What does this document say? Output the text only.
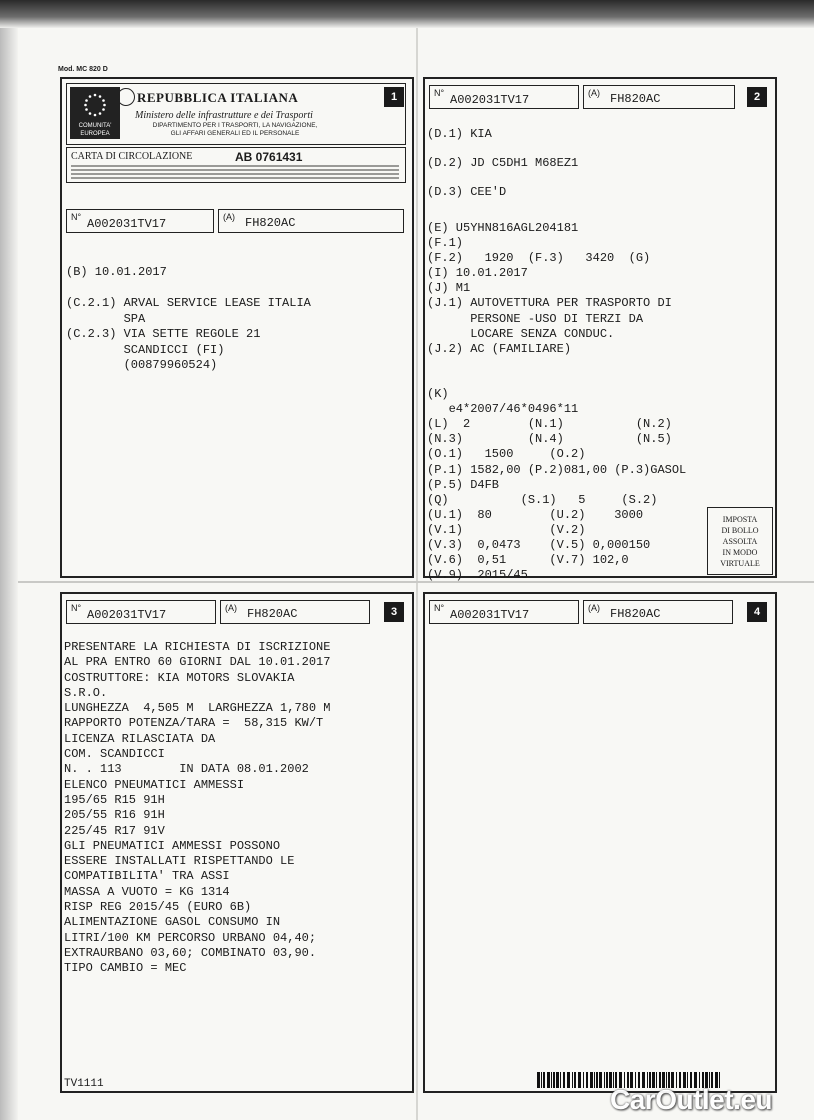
Mod. MC 820 D
COMUNITA'
EUROPEA
REPUBBLICA ITALIANA
Ministero delle infrastrutture e dei Trasporti
DIPARTIMENTO PER I TRASPORTI, LA NAVIGAZIONE,
GLI AFFARI GENERALI ED IL PERSONALE
CARTA DI CIRCOLAZIONE	AB 0761431
1
N° A002031TV17	(A) FH820AC
(B) 10.01.2017
(C.2.1) ARVAL SERVICE LEASE ITALIA
SPA
(C.2.3) VIA SETTE REGOLE 21
SCANDICCI (FI)
(00879960524)
N° A002031TV17	(A) FH820AC	2
(D.1) KIA
(D.2) JD C5DH1 M68EZ1
(D.3) CEE'D
(E) U5YHN816AGL204181
(F.1)
(F.2)   1920  (F.3)   3420  (G)
(I) 10.01.2017
(J) M1
(J.1) AUTOVETTURA PER TRASPORTO DI
PERSONE -USO DI TERZI DA
LOCARE SENZA CONDUC.
(J.2) AC (FAMILIARE)
(K)
e4*2007/46*0496*11
(L)  2        (N.1)          (N.2)
(N.3)         (N.4)          (N.5)
(O.1)   1500     (O.2)
(P.1) 1582,00 (P.2)081,00 (P.3)GASOL
(P.5) D4FB
(Q)          (S.1)   5     (S.2)
(U.1)  80        (U.2)    3000
(V.1)            (V.2)
(V.3)  0,0473    (V.5) 0,000150
(V.6)  0,51      (V.7) 102,0
(V.9)  2015/45
IMPOSTA
DI BOLLO
ASSOLTA
IN MODO
VIRTUALE
N° A002031TV17	(A) FH820AC	3
PRESENTARE LA RICHIESTA DI ISCRIZIONE
AL PRA ENTRO 60 GIORNI DAL 10.01.2017
COSTRUTTORE: KIA MOTORS SLOVAKIA
S.R.O.
LUNGHEZZA  4,505 M  LARGHEZZA 1,780 M
RAPPORTO POTENZA/TARA =  58,315 KW/T
LICENZA RILASCIATA DA
COM. SCANDICCI
N. . 113        IN DATA 08.01.2002
ELENCO PNEUMATICI AMMESSI
195/65 R15 91H
205/55 R16 91H
225/45 R17 91V
GLI PNEUMATICI AMMESSI POSSONO
ESSERE INSTALLATI RISPETTANDO LE
COMPATIBILITA' TRA ASSI
MASSA A VUOTO = KG 1314
RISP REG 2015/45 (EURO 6B)
ALIMENTAZIONE GASOL CONSUMO IN
LITRI/100 KM PERCORSO URBANO 04,40;
EXTRAURBANO 03,60; COMBINATO 03,90.
TIPO CAMBIO = MEC
TV1111
N° A002031TV17	(A) FH820AC	4
CarOutlet.eu
